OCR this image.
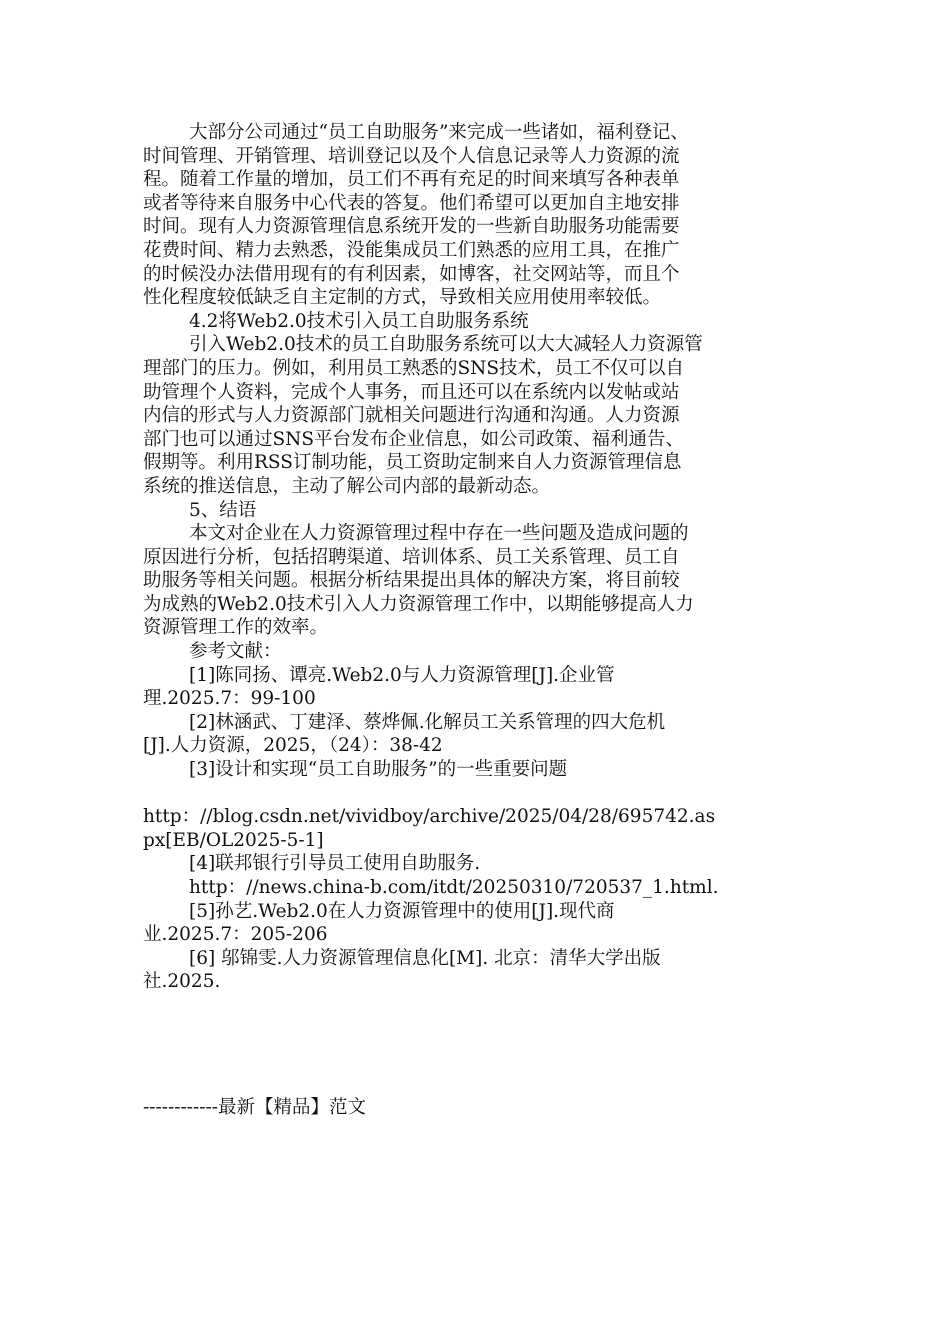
大部分公司通过“员工自助服务”来完成一些诸如，福利登记、
时间管理、开销管理、培训登记以及个人信息记录等人力资源的流
程。随着工作量的增加，员工们不再有充足的时间来填写各种表单
或者等待来自服务中心代表的答复。他们希望可以更加自主地安排
时间。现有人力资源管理信息系统开发的一些新自助服务功能需要
花费时间、精力去熟悉，没能集成员工们熟悉的应用工具，在推广
的时候没办法借用现有的有利因素，如博客，社交网站等，而且个
性化程度较低缺乏自主定制的方式，导致相关应用使用率较低。
4.2将Web2.0技术引入员工自助服务系统
引入Web2.0技术的员工自助服务系统可以大大减轻人力资源管
理部门的压力。例如，利用员工熟悉的SNS技术，员工不仅可以自
助管理个人资料，完成个人事务，而且还可以在系统内以发帖或站
内信的形式与人力资源部门就相关问题进行沟通和沟通。人力资源
部门也可以通过SNS平台发布企业信息，如公司政策、福利通告、
假期等。利用RSS订制功能，员工资助定制来自人力资源管理信息
系统的推送信息，主动了解公司内部的最新动态。
5、结语
本文对企业在人力资源管理过程中存在一些问题及造成问题的
原因进行分析，包括招聘渠道、培训体系、员工关系管理、员工自
助服务等相关问题。根据分析结果提出具体的解决方案，将目前较
为成熟的Web2.0技术引入人力资源管理工作中，以期能够提高人力
资源管理工作的效率。
参考文献：
[1]陈同扬、谭亮.Web2.0与人力资源管理[J].企业管
理.2025.7：99-100
[2]林涵武、丁建泽、蔡烨佩.化解员工关系管理的四大危机
[J].人力资源，2025，（24）：38-42
[3]设计和实现“员工自助服务”的一些重要问题
http：//blog.csdn.net/vividboy/archive/2025/04/28/695742.as
px[EB/OL2025-5-1]
[4]联邦银行引导员工使用自助服务.
http：//news.china-b.com/itdt/20250310/720537_1.html.
[5]孙艺.Web2.0在人力资源管理中的使用[J].现代商
业.2025.7：205-206
[6] 邬锦雯.人力资源管理信息化[M]. 北京：清华大学出版
社.2025.
------------最新【精品】范文
